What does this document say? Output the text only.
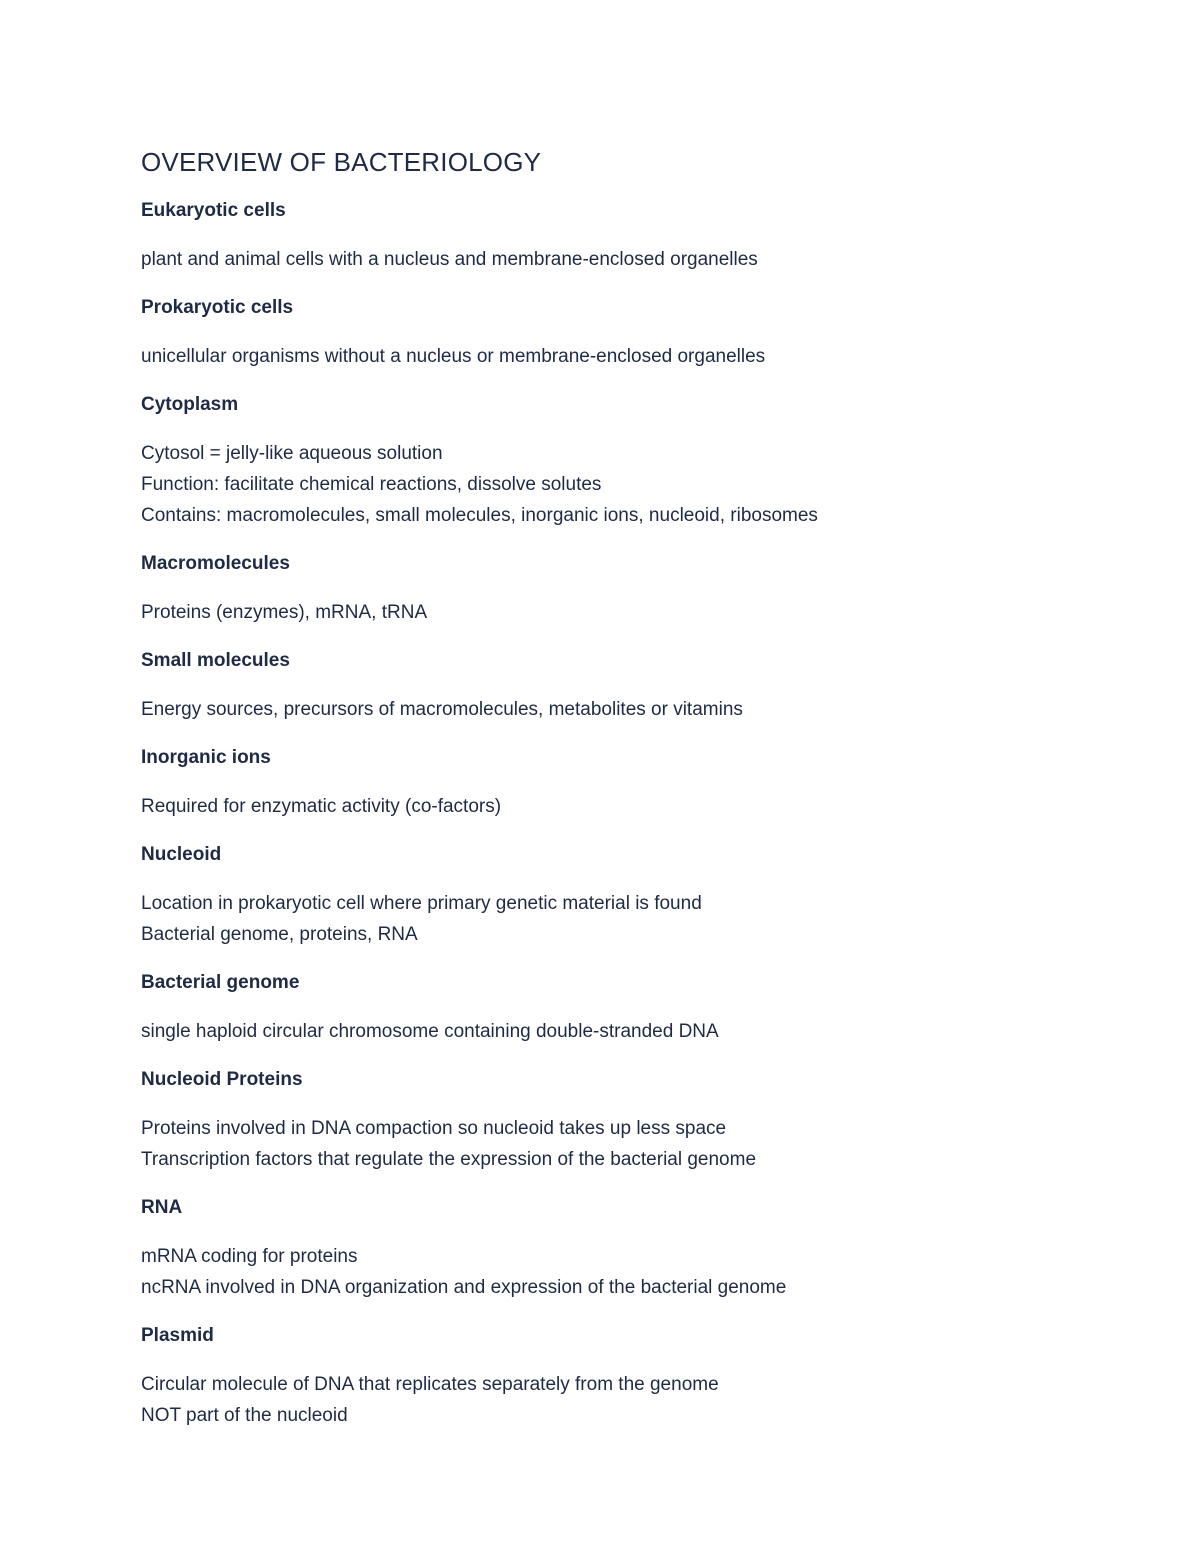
OVERVIEW OF BACTERIOLOGY
Eukaryotic cells
plant and animal cells with a nucleus and membrane-enclosed organelles
Prokaryotic cells
unicellular organisms without a nucleus or membrane-enclosed organelles
Cytoplasm
Cytosol = jelly-like aqueous solution
Function: facilitate chemical reactions, dissolve solutes
Contains: macromolecules, small molecules, inorganic ions, nucleoid, ribosomes
Macromolecules
Proteins (enzymes), mRNA, tRNA
Small molecules
Energy sources, precursors of macromolecules, metabolites or vitamins
Inorganic ions
Required for enzymatic activity (co-factors)
Nucleoid
Location in prokaryotic cell where primary genetic material is found
Bacterial genome, proteins, RNA
Bacterial genome
single haploid circular chromosome containing double-stranded DNA
Nucleoid Proteins
Proteins involved in DNA compaction so nucleoid takes up less space
Transcription factors that regulate the expression of the bacterial genome
RNA
mRNA coding for proteins
ncRNA involved in DNA organization and expression of the bacterial genome
Plasmid
Circular molecule of DNA that replicates separately from the genome
NOT part of the nucleoid
